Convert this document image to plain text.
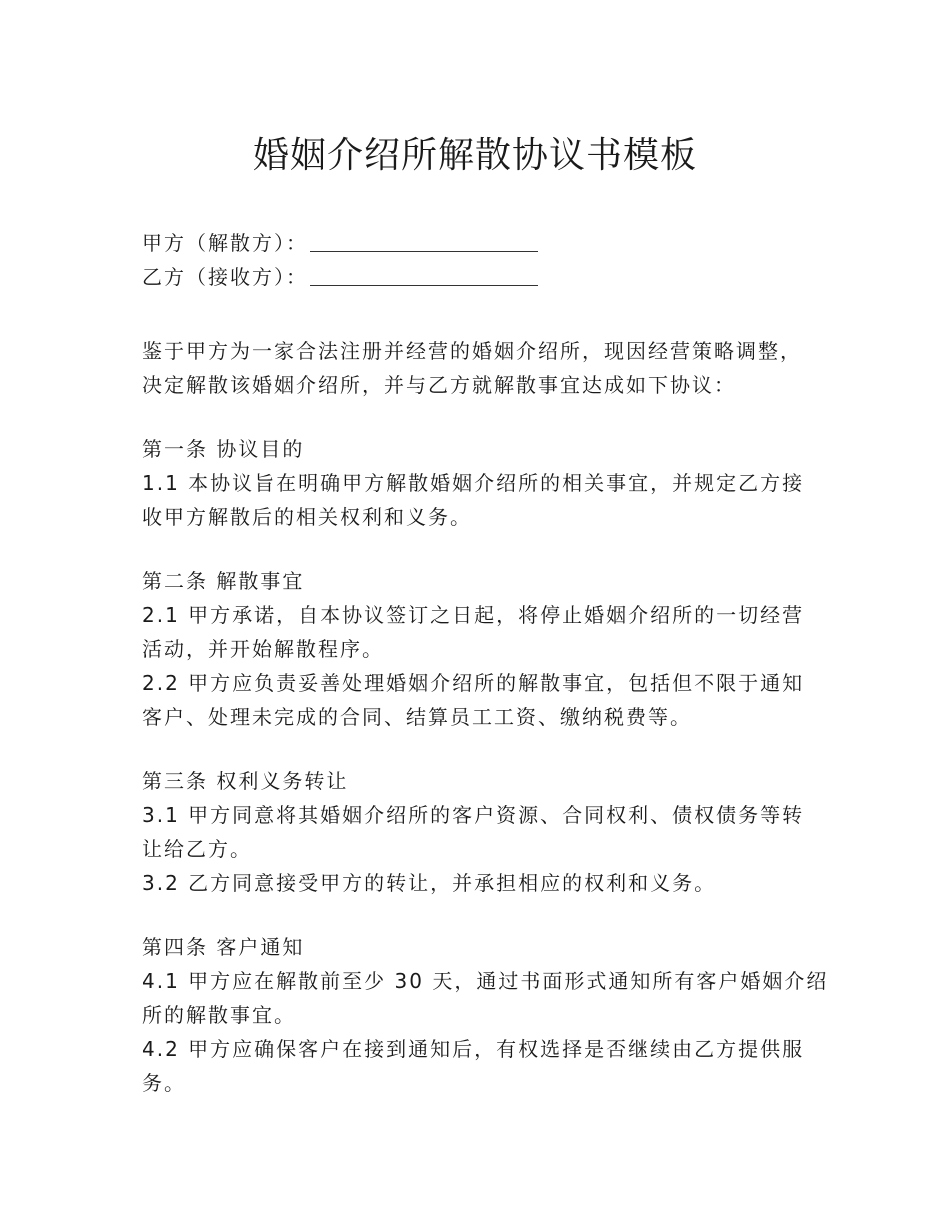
婚姻介绍所解散协议书模板
甲方（解散方）：
乙方（接收方）：
鉴于甲方为一家合法注册并经营的婚姻介绍所，现因经营策略调整，
决定解散该婚姻介绍所，并与乙方就解散事宜达成如下协议：
第一条 协议目的
1.1 本协议旨在明确甲方解散婚姻介绍所的相关事宜，并规定乙方接
收甲方解散后的相关权利和义务。
第二条 解散事宜
2.1 甲方承诺，自本协议签订之日起，将停止婚姻介绍所的一切经营
活动，并开始解散程序。
2.2 甲方应负责妥善处理婚姻介绍所的解散事宜，包括但不限于通知
客户、处理未完成的合同、结算员工工资、缴纳税费等。
第三条 权利义务转让
3.1 甲方同意将其婚姻介绍所的客户资源、合同权利、债权债务等转
让给乙方。
3.2 乙方同意接受甲方的转让，并承担相应的权利和义务。
第四条 客户通知
4.1 甲方应在解散前至少 30 天，通过书面形式通知所有客户婚姻介绍
所的解散事宜。
4.2 甲方应确保客户在接到通知后，有权选择是否继续由乙方提供服
务。
